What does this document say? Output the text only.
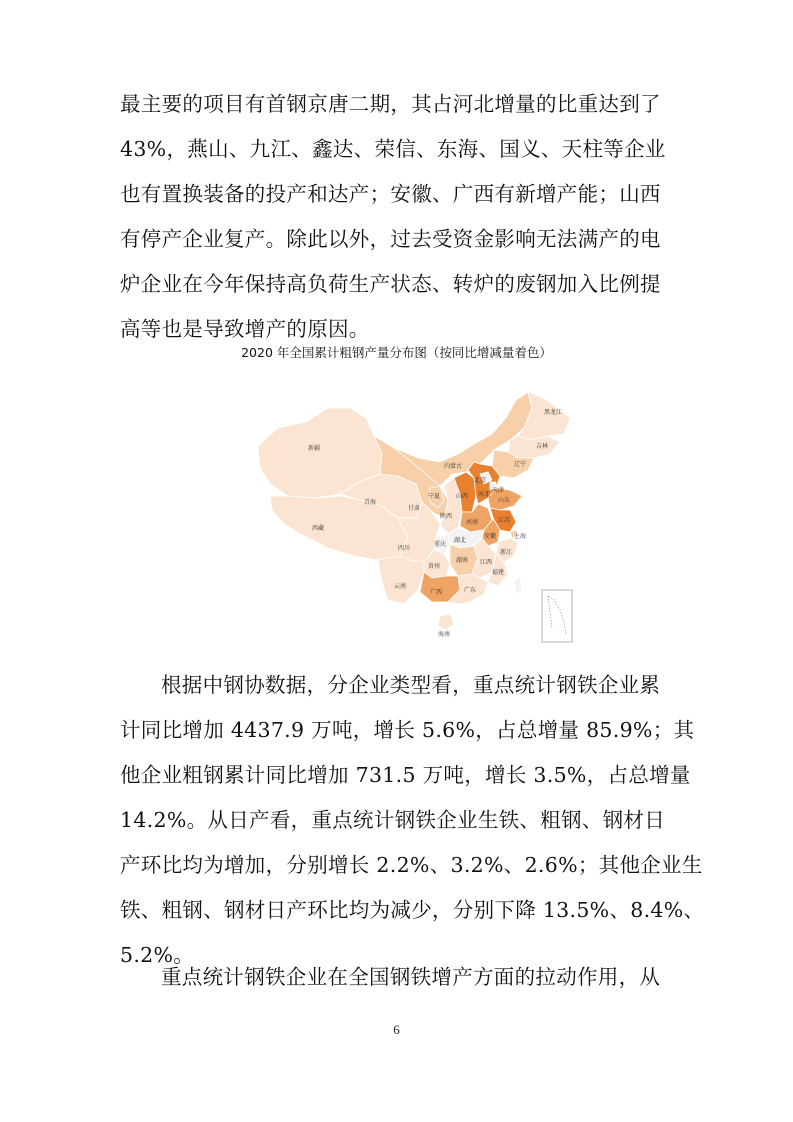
最主要的项目有首钢京唐二期，其占河北增量的比重达到了
43%，燕山、九江、鑫达、荣信、东海、国义、天柱等企业
也有置换装备的投产和达产；安徽、广西有新增产能；山西
有停产企业复产。除此以外，过去受资金影响无法满产的电
炉企业在今年保持高负荷生产状态、转炉的废钢加入比例提
高等也是导致增产的原因。

2020 年全国累计粗钢产量分布图（按同比增减量着色）
黑龙江
吉林
辽宁
内蒙古
新疆
西藏
青海
甘肃
宁夏
陕西
山西
北京
天津
河北
山东
河南	江苏
安徽	上海
湖北
四川
重庆
浙江
湖南 江西
福建
贵州
云南
广西	广东
海南

根据中钢协数据，分企业类型看，重点统计钢铁企业累
计同比增加 4437.9 万吨，增长 5.6%，占总增量 85.9%；其
他企业粗钢累计同比增加 731.5 万吨，增长 3.5%，占总增量
14.2%。从日产看，重点统计钢铁企业生铁、粗钢、钢材日
产环比均为增加，分别增长 2.2%、3.2%、2.6%；其他企业生
铁、粗钢、钢材日产环比均为减少，分别下降 13.5%、8.4%、
5.2%。

重点统计钢铁企业在全国钢铁增产方面的拉动作用，从

6
